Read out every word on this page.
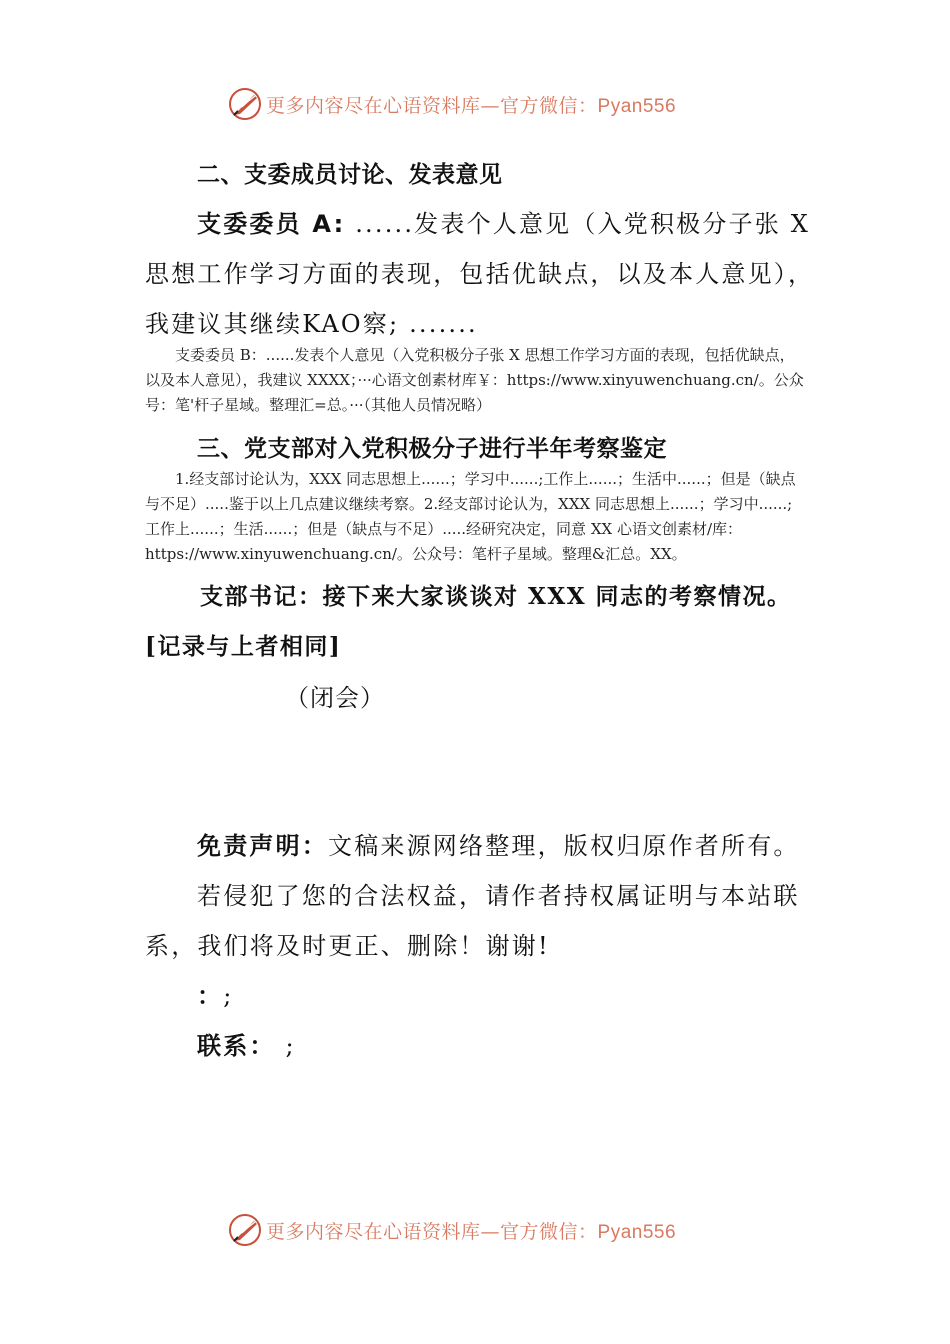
更多内容尽在心语资料库—官方微信：Pyan556
二、支委成员讨论、发表意见
支委委员 A: ......发表个人意见（入党积极分子张 X
思想工作学习方面的表现，包括优缺点，以及本人意见），
我建议其继续KAO察; .......

支委委员 B：......发表个人意见（入党积极分子张 X 思想工作学习方面的表现，包括优缺点，以及本人意见），我建议 XXXX；···心语文创素材库￥：https://www.xinyuwenchuang.cn/。公众号：笔'杆子星域。整理汇=总。···（其他人员情况略）

三、党支部对入党积极分子进行半年考察鉴定

1.经支部讨论认为，XXX 同志思想上......；学习中......;工作上......；生活中......；但是（缺点与不足）.....鉴于以上几点建议继续考察。2.经支部讨论认为，XXX 同志思想上......；学习中......;工作上......；生活......；但是（缺点与不足）.....经研究决定，同意 XX 心语文创素材/库：https://www.xinyuwenchuang.cn/。公众号：笔杆子星域。整理&汇总。XX。

支部书记：接下来大家谈谈对 XXX 同志的考察情况。
[记录与上者相同]
（闭会）
免责声明：文稿来源网络整理，版权归原作者所有。
若侵犯了您的合法权益，请作者持权属证明与本站联
系，我们将及时更正、删除！谢谢!
：;
联系： ;
更多内容尽在心语资料库—官方微信：Pyan556
